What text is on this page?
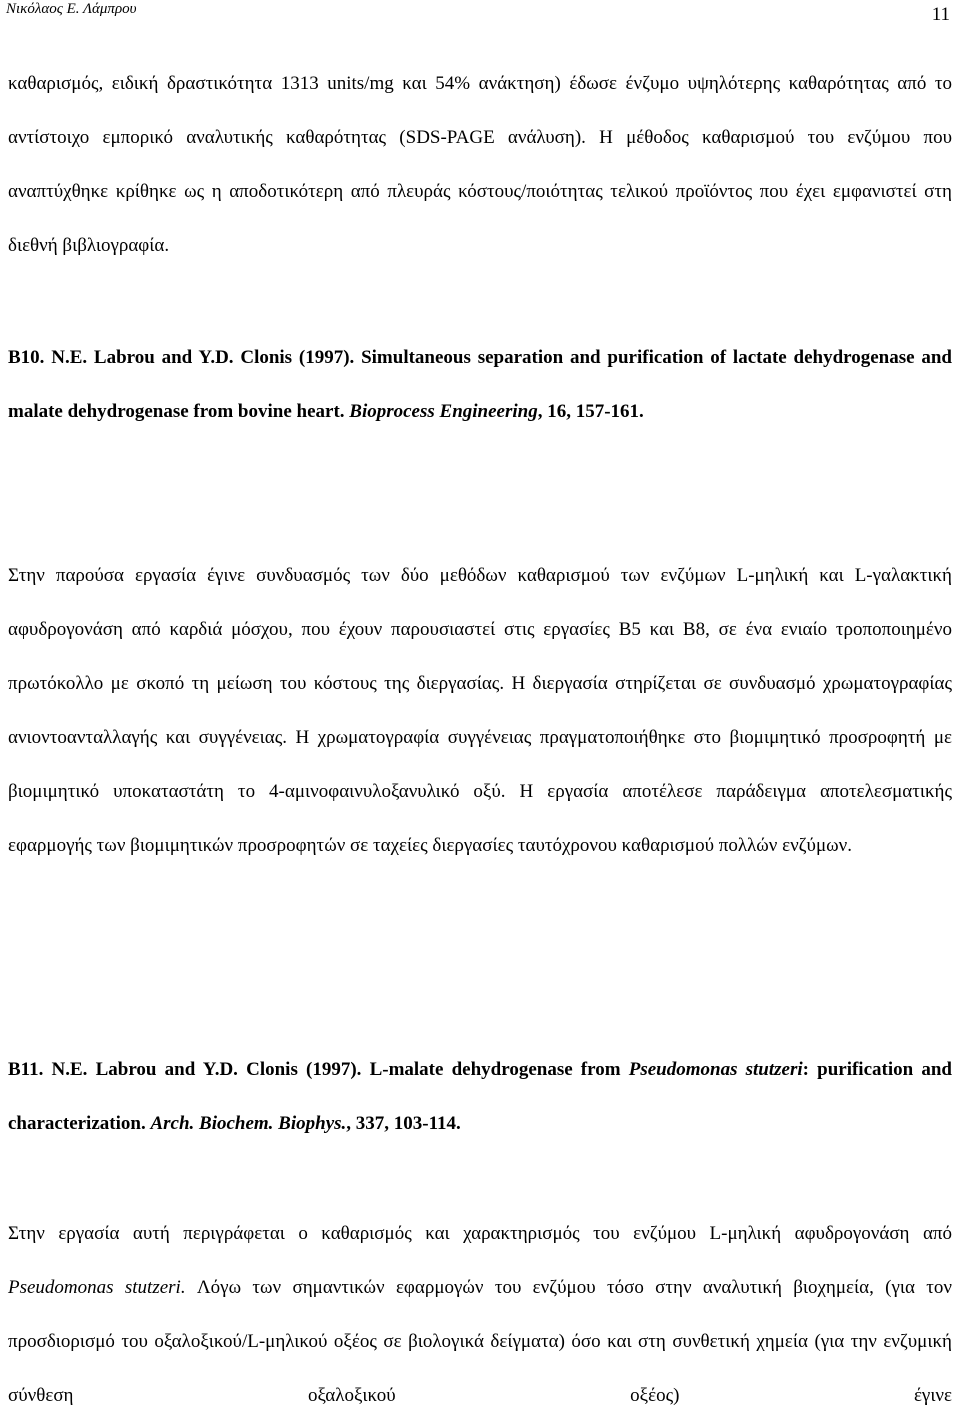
Νικόλαος Ε. Λάμπρου	11

καθαρισμός, ειδική δραστικότητα 1313 units/mg και 54% ανάκτηση) έδωσε ένζυμο υψηλότερης καθαρότητας από το αντίστοιχο εμπορικό αναλυτικής καθαρότητας (SDS-PAGE ανάλυση). Η μέθοδος καθαρισμού του ενζύμου που αναπτύχθηκε κρίθηκε ως η αποδοτικότερη από πλευράς κόστους/ποιότητας τελικού προϊόντος που έχει εμφανιστεί στη διεθνή βιβλιογραφία.

B10. N.E. Labrou and Y.D. Clonis (1997). Simultaneous separation and purification of lactate dehydrogenase and malate dehydrogenase from bovine heart. Bioprocess Engineering, 16, 157-161.

Στην παρούσα εργασία έγινε συνδυασμός των δύο μεθόδων καθαρισμού των ενζύμων L-μηλική και L-γαλακτική αφυδρογονάση από καρδιά μόσχου, που έχουν παρουσιαστεί στις εργασίες B5 και B8, σε ένα ενιαίο τροποποιημένο πρωτόκολλο με σκοπό τη μείωση του κόστους της διεργασίας. Η διεργασία στηρίζεται σε συνδυασμό χρωματογραφίας ανιοντοανταλλαγής και συγγένειας. Η χρωματογραφία συγγένειας πραγματοποιήθηκε στο βιομιμητικό προσροφητή με βιομιμητικό υποκαταστάτη το 4-αμινοφαινυλοξανυλικό οξύ. Η εργασία αποτέλεσε παράδειγμα αποτελεσματικής εφαρμογής των βιομιμητικών προσροφητών σε ταχείες διεργασίες ταυτόχρονου καθαρισμού πολλών ενζύμων.

B11. N.E. Labrou and Y.D. Clonis (1997). L-malate dehydrogenase from Pseudomonas stutzeri: purification and characterization. Arch. Biochem. Biophys., 337, 103-114.

Στην εργασία αυτή περιγράφεται ο καθαρισμός και χαρακτηρισμός του ενζύμου L-μηλική αφυδρογονάση από Pseudomonas stutzeri. Λόγω των σημαντικών εφαρμογών του ενζύμου τόσο στην αναλυτική βιοχημεία, (για τον προσδιορισμό του οξαλοξικού/L-μηλικού οξέος σε βιολογικά δείγματα) όσο και στη συνθετική χημεία (για την ενζυμική σύνθεση οξαλοξικού οξέος) έγινε
